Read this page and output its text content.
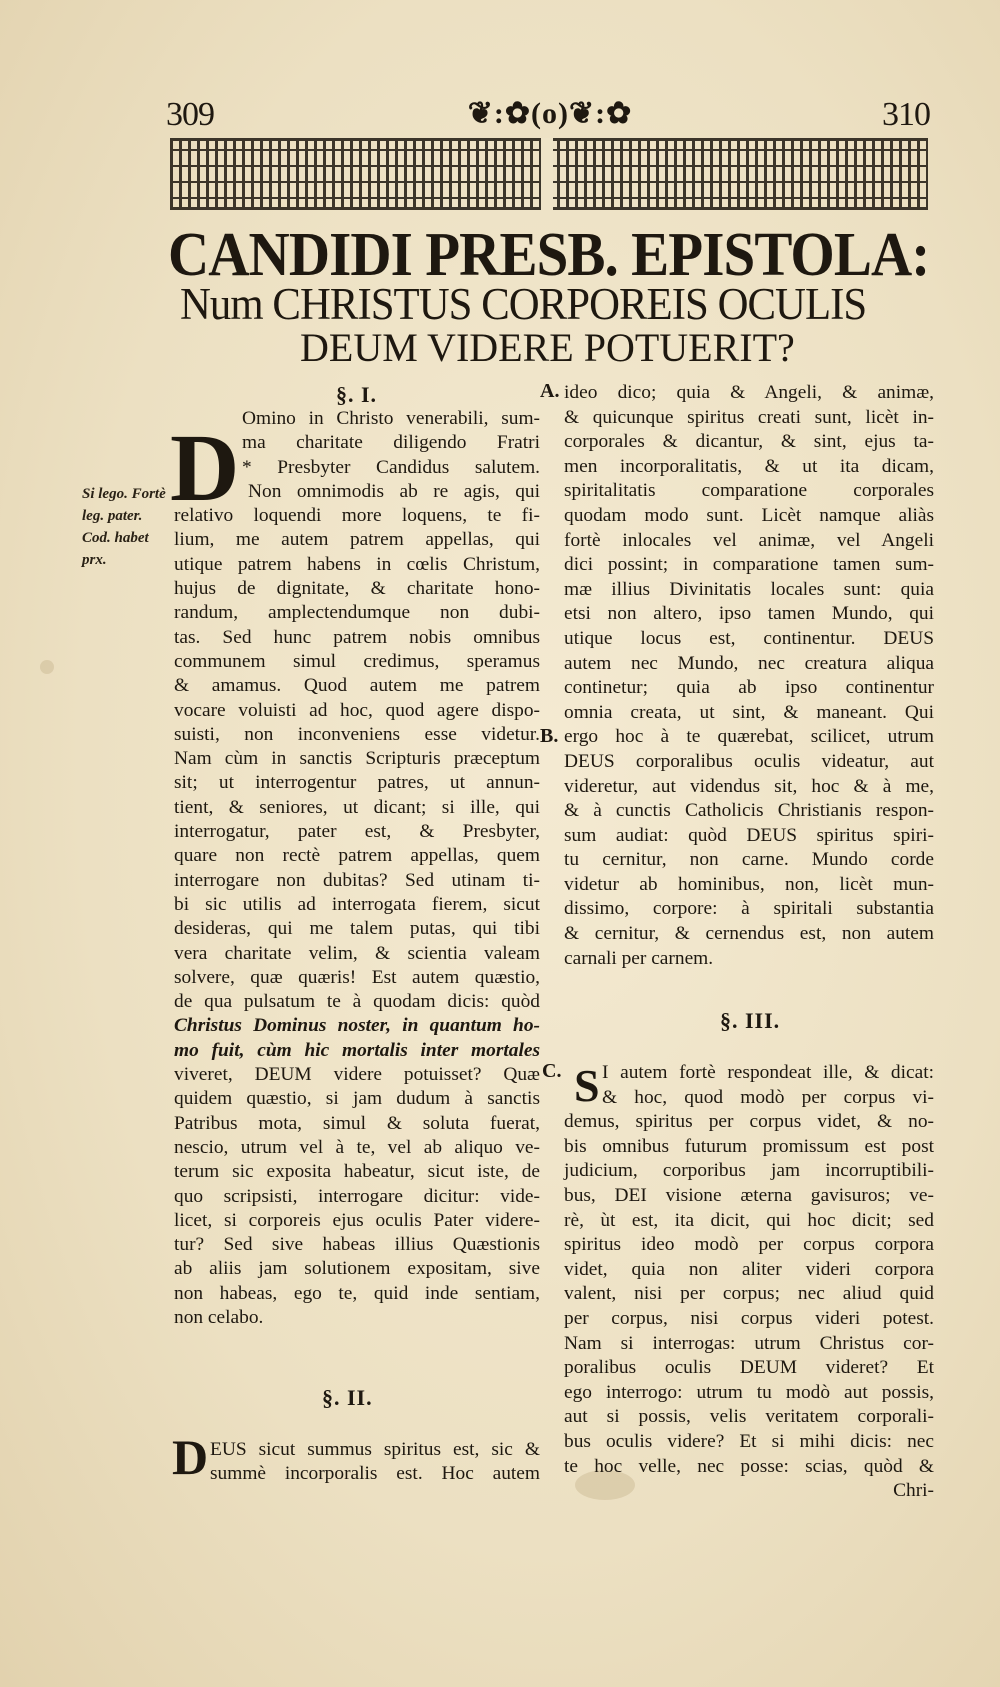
309	❦:✿(o)❦:✿	310
CANDIDI PRESB. EPISTOLA:
Num CHRISTUS CORPOREIS OCULIS
DEUM VIDERE POTUERIT?
§. I.
§. II.
§. III.
Si lego. Fortè
leg. pater.
Cod. habet
prx.
A.
B.
C.
D
D
S
Omino in Christo venerabili, sum-
ma charitate diligendo Fratri
* Presbyter Candidus salutem.
Non omnimodis ab re agis, qui
relativo loquendi more loquens, te fi-
lium, me autem patrem appellas, qui
utique patrem habens in cœlis Christum,
hujus de dignitate, & charitate hono-
randum, amplectendumque non dubi-
tas. Sed hunc patrem nobis omnibus
communem simul credimus, speramus
& amamus. Quod autem me patrem
vocare voluisti ad hoc, quod agere dispo-
suisti, non inconveniens esse videtur.
Nam cùm in sanctis Scripturis præceptum
sit; ut interrogentur patres, ut annun-
tient, & seniores, ut dicant; si ille, qui
interrogatur, pater est, & Presbyter,
quare non rectè patrem appellas, quem
interrogare non dubitas? Sed utinam ti-
bi sic utilis ad interrogata fierem, sicut
desideras, qui me talem putas, qui tibi
vera charitate velim, & scientia valeam
solvere, quæ quæris! Est autem quæstio,
de qua pulsatum te à quodam dicis: quòd
Christus Dominus noster, in quantum ho-
mo fuit, cùm hic mortalis inter mortales
viveret, DEUM videre potuisset? Quæ
quidem quæstio, si jam dudum à sanctis
Patribus mota, simul & soluta fuerat,
nescio, utrum vel à te, vel ab aliquo ve-
terum sic exposita habeatur, sicut iste, de
quo scripsisti, interrogare dicitur: vide-
licet, si corporeis ejus oculis Pater videre-
tur? Sed sive habeas illius Quæstionis
ab aliis jam solutionem expositam, sive
non habeas, ego te, quid inde sentiam,
non celabo.
EUS sicut summus spiritus est, sic &
summè incorporalis est. Hoc autem
ideo dico; quia & Angeli, & animæ,
& quicunque spiritus creati sunt, licèt in-
corporales & dicantur, & sint, ejus ta-
men incorporalitatis, & ut ita dicam,
spiritalitatis comparatione corporales
quodam modo sunt. Licèt namque aliàs
fortè inlocales vel animæ, vel Angeli
dici possint; in comparatione tamen sum-
mæ illius Divinitatis locales sunt: quia
etsi non altero, ipso tamen Mundo, qui
utique locus est, continentur. DEUS
autem nec Mundo, nec creatura aliqua
continetur; quia ab ipso continentur
omnia creata, ut sint, & maneant. Qui
ergo hoc à te quærebat, scilicet, utrum
DEUS corporalibus oculis videatur, aut
videretur, aut videndus sit, hoc & à me,
& à cunctis Catholicis Christianis respon-
sum audiat: quòd DEUS spiritus spiri-
tu cernitur, non carne. Mundo corde
videtur ab hominibus, non, licèt mun-
dissimo, corpore: à spiritali substantia
& cernitur, & cernendus est, non autem
carnali per carnem.
I autem fortè respondeat ille, & dicat:
& hoc, quod modò per corpus vi-
demus, spiritus per corpus videt, & no-
bis omnibus futurum promissum est post
judicium, corporibus jam incorruptibili-
bus, DEI visione æterna gavisuros; ve-
rè, ùt est, ita dicit, qui hoc dicit; sed
spiritus ideo modò per corpus corpora
videt, quia non aliter videri corpora
valent, nisi per corpus; nec aliud quid
per corpus, nisi corpus videri potest.
Nam si interrogas: utrum Christus cor-
poralibus oculis DEUM videret? Et
ego interrogo: utrum tu modò aut possis,
aut si possis, velis veritatem corporali-
bus oculis videre? Et si mihi dicis: nec
te hoc velle, nec posse: scias, quòd &
Chri-
